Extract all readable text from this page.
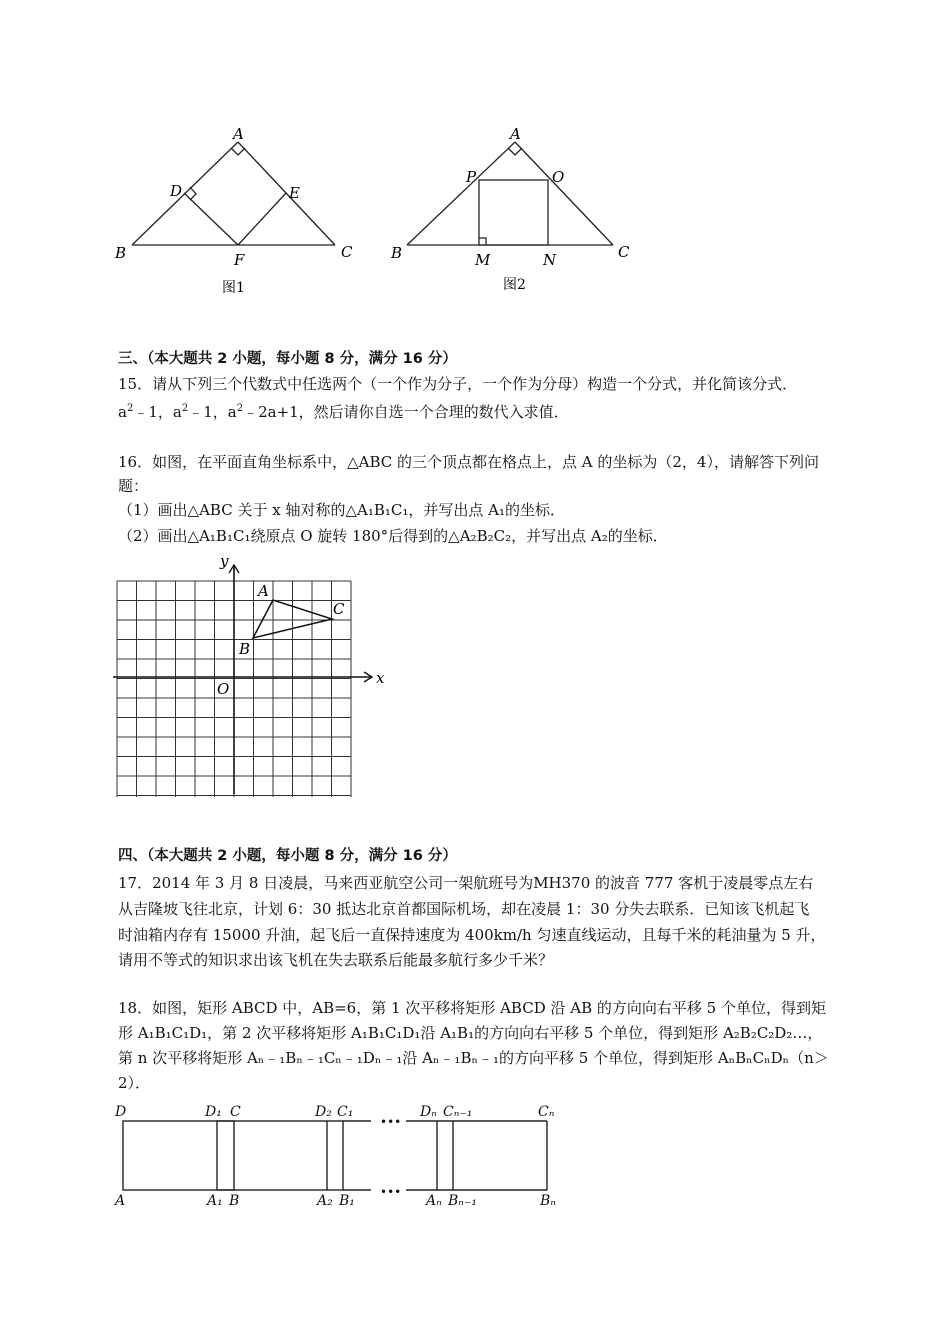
A
D	E
B	F	C
图1
A
P	O
B	M	N	C
图2
三、（本大题共 2 小题，每小题 8 分，满分 16 分）
15．请从下列三个代数式中任选两个（一个作为分子，一个作为分母）构造一个分式，并化简该分式．
$a^2﹣1$，$a^2﹣1$，$a^2﹣2a+1$，然后请你自选一个合理的数代入求值．
16．如图，在平面直角坐标系中，△ABC 的三个顶点都在格点上，点 A 的坐标为（2，4），请解答下列问
题：
（1）画出△ABC 关于 x 轴对称的△A₁B₁C₁，并写出点 A₁的坐标．
（2）画出△A₁B₁C₁绕原点 O 旋转 180°后得到的△A₂B₂C₂，并写出点 A₂的坐标．
x
y
O
A
B
C
四、（本大题共 2 小题，每小题 8 分，满分 16 分）
17．2014 年 3 月 8 日凌晨，马来西亚航空公司一架航班号为MH370 的波音 777 客机于凌晨零点左右
从吉隆坡飞往北京，计划 6：30 抵达北京首都国际机场，却在凌晨 1：30 分失去联系．已知该飞机起飞
时油箱内存有 15000 升油，起飞后一直保持速度为 400km/h 匀速直线运动，且每千米的耗油量为 5 升，
请用不等式的知识求出该飞机在失去联系后能最多航行多少千米？
18．如图，矩形 ABCD 中，AB=6，第 1 次平移将矩形 ABCD 沿 AB 的方向向右平移 5 个单位，得到矩
形 A₁B₁C₁D₁，第 2 次平移将矩形 A₁B₁C₁D₁沿 A₁B₁的方向向右平移 5 个单位，得到矩形 A₂B₂C₂D₂…，
第 n 次平移将矩形 Aₙ﹣₁Bₙ﹣₁Cₙ﹣₁Dₙ﹣₁沿 Aₙ﹣₁Bₙ﹣₁的方向平移 5 个单位，得到矩形 AₙBₙCₙDₙ（n＞
2）．
D	D₁ C	D₂ C₁
•••
Dₙ Cₙ₋₁	Cₙ
A	A₁ B	A₂ B₁
•••
Aₙ Bₙ₋₁	Bₙ
